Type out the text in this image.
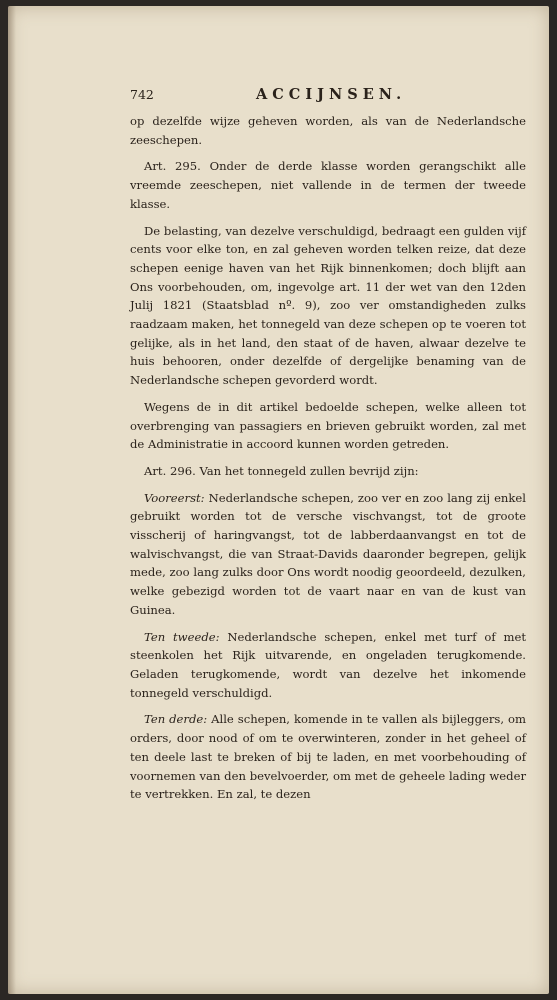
742	ACCIJNSEN.

op dezelfde wijze geheven worden, als van de Nederlandsche zeeschepen.

Art. 295. Onder de derde klasse worden gerangschikt alle vreemde zeeschepen, niet vallende in de termen der tweede klasse.

De belasting, van dezelve verschuldigd, bedraagt een gulden vijf cents voor elke ton, en zal geheven worden telken reize, dat deze schepen eenige haven van het Rijk binnenkomen; doch blijft aan Ons voorbehouden, om, ingevolge art. 11 der wet van den 12den Julij 1821 (Staatsblad nº. 9), zoo ver omstandigheden zulks raadzaam maken, het tonnegeld van deze schepen op te voeren tot gelijke, als in het land, den staat of de haven, alwaar dezelve te huis behooren, onder dezelfde of dergelijke benaming van de Nederlandsche schepen gevorderd wordt.

Wegens de in dit artikel bedoelde schepen, welke alleen tot overbrenging van passagiers en brieven gebruikt worden, zal met de Administratie in accoord kunnen worden getreden.

Art. 296. Van het tonnegeld zullen bevrijd zijn:

Vooreerst: Nederlandsche schepen, zoo ver en zoo lang zij enkel gebruikt worden tot de versche vischvangst, tot de groote visscherij of haringvangst, tot de labberdaanvangst en tot de walvischvangst, die van Straat-Davids daaronder begrepen, gelijk mede, zoo lang zulks door Ons wordt noodig geoordeeld, dezulken, welke gebezigd worden tot de vaart naar en van de kust van Guinea.

Ten tweede: Nederlandsche schepen, enkel met turf of met steenkolen het Rijk uitvarende, en ongeladen terugkomende. Geladen terugkomende, wordt van dezelve het inkomende tonnegeld verschuldigd.

Ten derde: Alle schepen, komende in te vallen als bijleggers, om orders, door nood of om te overwinteren, zonder in het geheel of ten deele last te breken of bij te laden, en met voorbehouding of voornemen van den bevelvoerder, om met de geheele lading weder te vertrekken. En zal, te dezen
